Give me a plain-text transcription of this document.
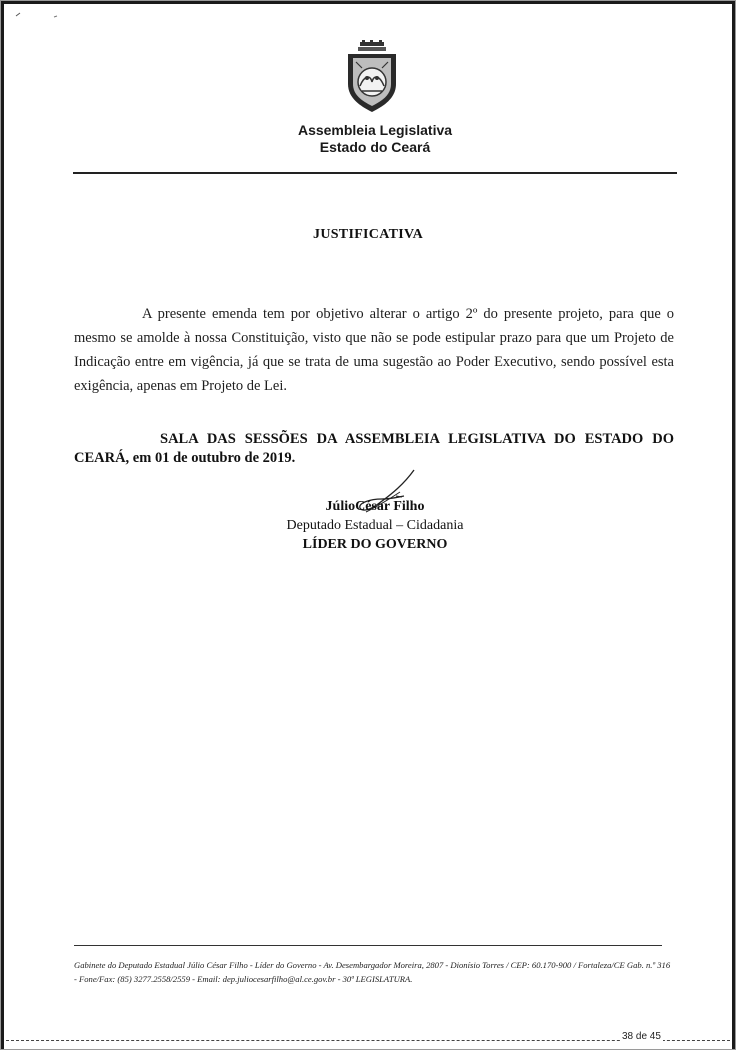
Assembleia Legislativa
Estado do Ceará
JUSTIFICATIVA

A presente emenda tem por objetivo alterar o artigo 2º do presente projeto, para que o mesmo se amolde à nossa Constituição, visto que não se pode estipular prazo para que um Projeto de Indicação entre em vigência, já que se trata de uma sugestão ao Poder Executivo, sendo possível esta exigência, apenas em Projeto de Lei.

SALA DAS SESSÕES DA ASSEMBLEIA LEGISLATIVA DO ESTADO DO CEARÁ, em 01 de outubro de 2019.

JúlioCésar Filho
Deputado Estadual – Cidadania
LÍDER DO GOVERNO
Gabinete do Deputado Estadual Júlio César Filho - Líder do Governo - Av. Desembargador Moreira, 2807 - Dionísio Torres / CEP: 60.170-900 / Fortaleza/CE Gab. n.º 316 - Fone/Fax: (85) 3277.2558/2559 - Email: dep.juliocesarfilho@al.ce.gov.br - 30ª LEGISLATURA.
38 de 45
